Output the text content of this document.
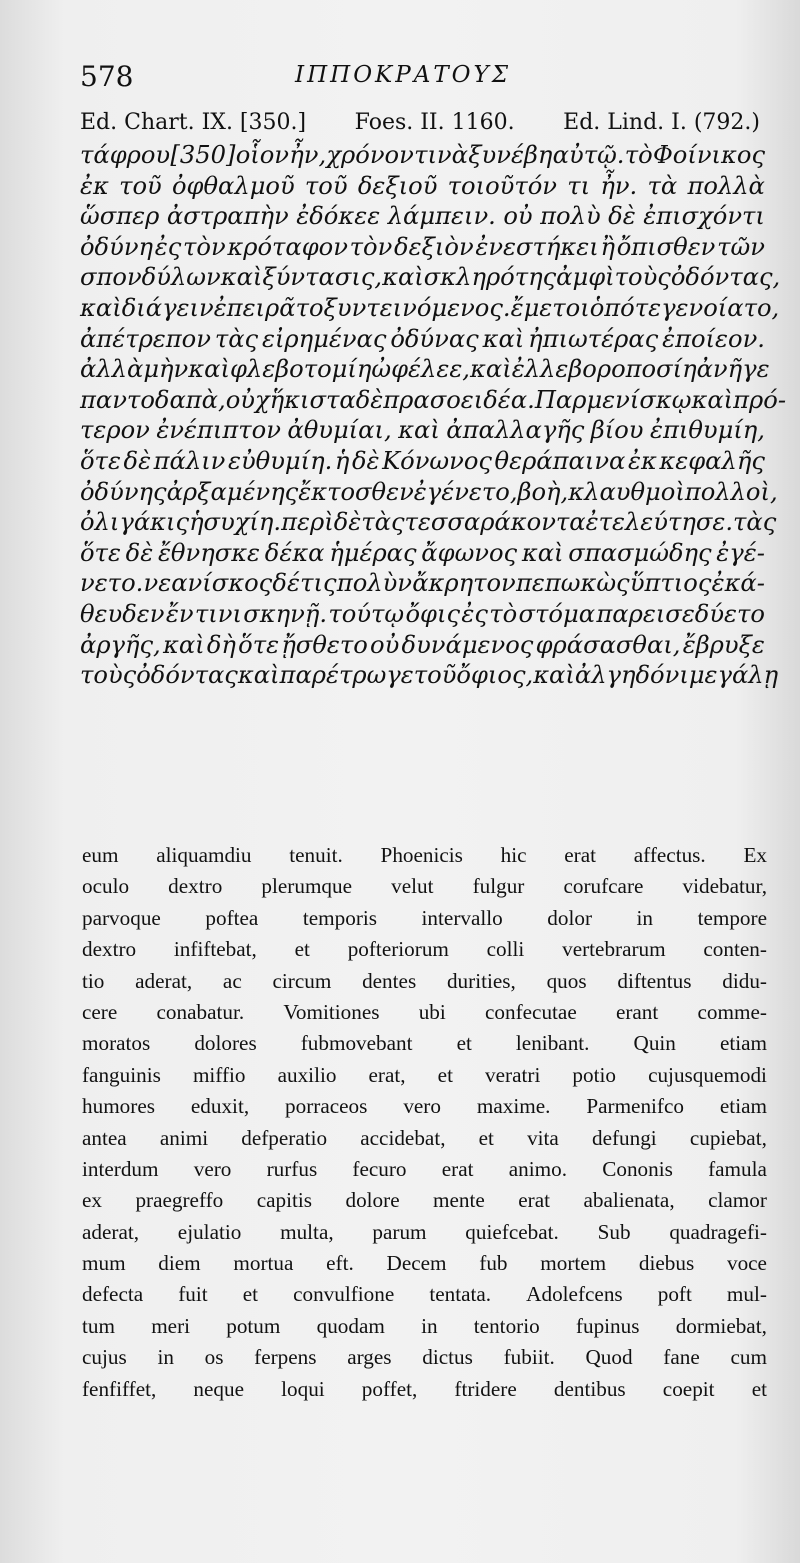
578	ΙΠΠΟΚΡΑΤΟΥΣ
Ed. Chart. IX. [350.] Foes. II. 1160. Ed. Lind. I. (792.)
τάφρου [350] οἷον ἦν, χρόνον τινὰ ξυνέβη αὐτῷ. τὸ Φοίνικος
ἐκ τοῦ ὀφθαλμοῦ τοῦ δεξιοῦ τοιοῦτόν τι ἦν. τὰ πολλὰ
ὥσπερ ἀστραπὴν ἐδόκεε λάμπειν. οὐ πολὺ δὲ ἐπισχόντι
ὀδύνη ἐς τὸν κρόταφον τὸν δεξιὸν ἐνεστήκει ἢ ὄπισθεν τῶν
σπονδύλων καὶ ξύντασις, καὶ σκληρότης ἀμφὶ τοὺς ὀδόντας,
καὶ διάγειν ἐπειρᾶτο ξυντεινόμενος. ἔμετοι ὁπότε γενοίατο,
ἀπέτρεπον τὰς εἰρημένας ὀδύνας καὶ ἠπιωτέρας ἐποίεον.
ἀλλὰ μὴν καὶ φλεβοτομίη ὠφέλεε, καὶ ἐλλεβοροποσίη ἀνῆγε
παντοδαπὰ, οὐχ ἥκιστα δὲ πρασοειδέα. Παρμενίσκῳ καὶ πρό-
τερον ἐνέπιπτον ἀθυμίαι, καὶ ἀπαλλαγῆς βίου ἐπιθυμίη,
ὅτε δὲ πάλιν εὐθυμίη. ἡ δὲ Κόνωνος θεράπαινα ἐκ κεφαλῆς
ὀδύνης ἀρξαμένης ἔκτοσθεν ἐγένετο, βοὴ, κλαυθμοὶ πολλοὶ,
ὀλιγάκις ἡσυχίη. περὶ δὲ τὰς τεσσαράκοντα ἐτελεύτησε. τὰς
ὅτε δὲ ἔθνησκε δέκα ἡμέρας ἄφωνος καὶ σπασμώδης ἐγέ-
νετο. νεανίσκος δέ τις πολὺν ἄκρητον πεπωκὼς ὕπτιος ἐκά-
θευδεν ἔν τινι σκηνῇ. τούτῳ ὄφις ἐς τὸ στόμα παρεισεδύετο
ἀργῆς, καὶ δὴ ὅτε ᾔσθετο οὐ δυνάμενος φράσασθαι, ἔβρυξε
τοὺς ὀδόντας καὶ παρέτρωγε τοῦ ὄφιος, καὶ ἀλγηδόνι μεγάλῃ
eum aliquamdiu tenuit. Phoenicis hic erat affectus. Ex
oculo dextro plerumque velut fulgur corufcare videbatur,
parvoque poftea temporis intervallo dolor in tempore
dextro infiftebat, et pofteriorum colli vertebrarum conten-
tio aderat, ac circum dentes durities, quos diftentus didu-
cere conabatur. Vomitiones ubi confecutae erant comme-
moratos dolores fubmovebant et lenibant. Quin etiam
fanguinis miffio auxilio erat, et veratri potio cujusquemodi
humores eduxit, porraceos vero maxime. Parmenifco etiam
antea animi defperatio accidebat, et vita defungi cupiebat,
interdum vero rurfus fecuro erat animo. Cononis famula
ex praegreffo capitis dolore mente erat abalienata, clamor
aderat, ejulatio multa, parum quiefcebat. Sub quadragefi-
mum diem mortua eft. Decem fub mortem diebus voce
defecta fuit et convulfione tentata. Adolefcens poft mul-
tum meri potum quodam in tentorio fupinus dormiebat,
cujus in os ferpens arges dictus fubiit. Quod fane cum
fenfiffet, neque loqui poffet, ftridere dentibus coepit et
